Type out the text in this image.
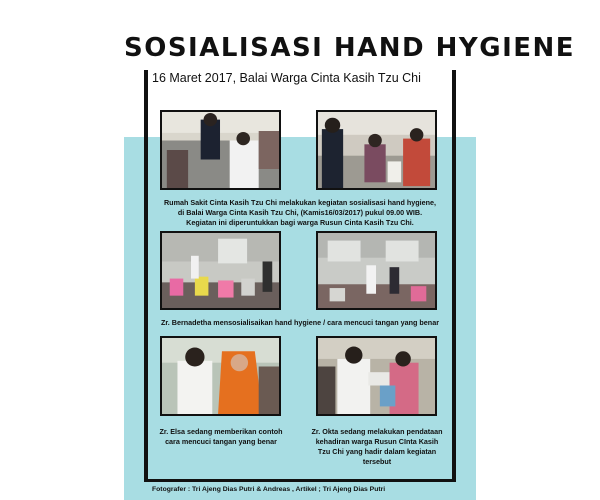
SOSIALISASI HAND HYGIENE
16 Maret 2017, Balai Warga Cinta Kasih Tzu Chi
Rumah Sakit Cinta Kasih Tzu Chi melakukan kegiatan sosialisasi hand hygiene,
di Balai Warga Cinta Kasih Tzu Chi, (Kamis16/03/2017) pukul 09.00 WIB.
Kegiatan ini diperuntukkan bagi warga Rusun Cinta Kasih Tzu Chi.
Zr. Bernadetha mensosialisaikan hand hygiene / cara mencuci tangan yang benar
Zr. Elsa sedang memberikan contoh
cara mencuci tangan yang benar
Zr. Okta sedang melakukan pendataan
kehadiran warga Rusun CInta Kasih
Tzu Chi yang hadir dalam kegiatan
tersebut
Fotografer : Tri Ajeng Dias Putri & Andreas , Artikel ; Tri Ajeng Dias Putri
